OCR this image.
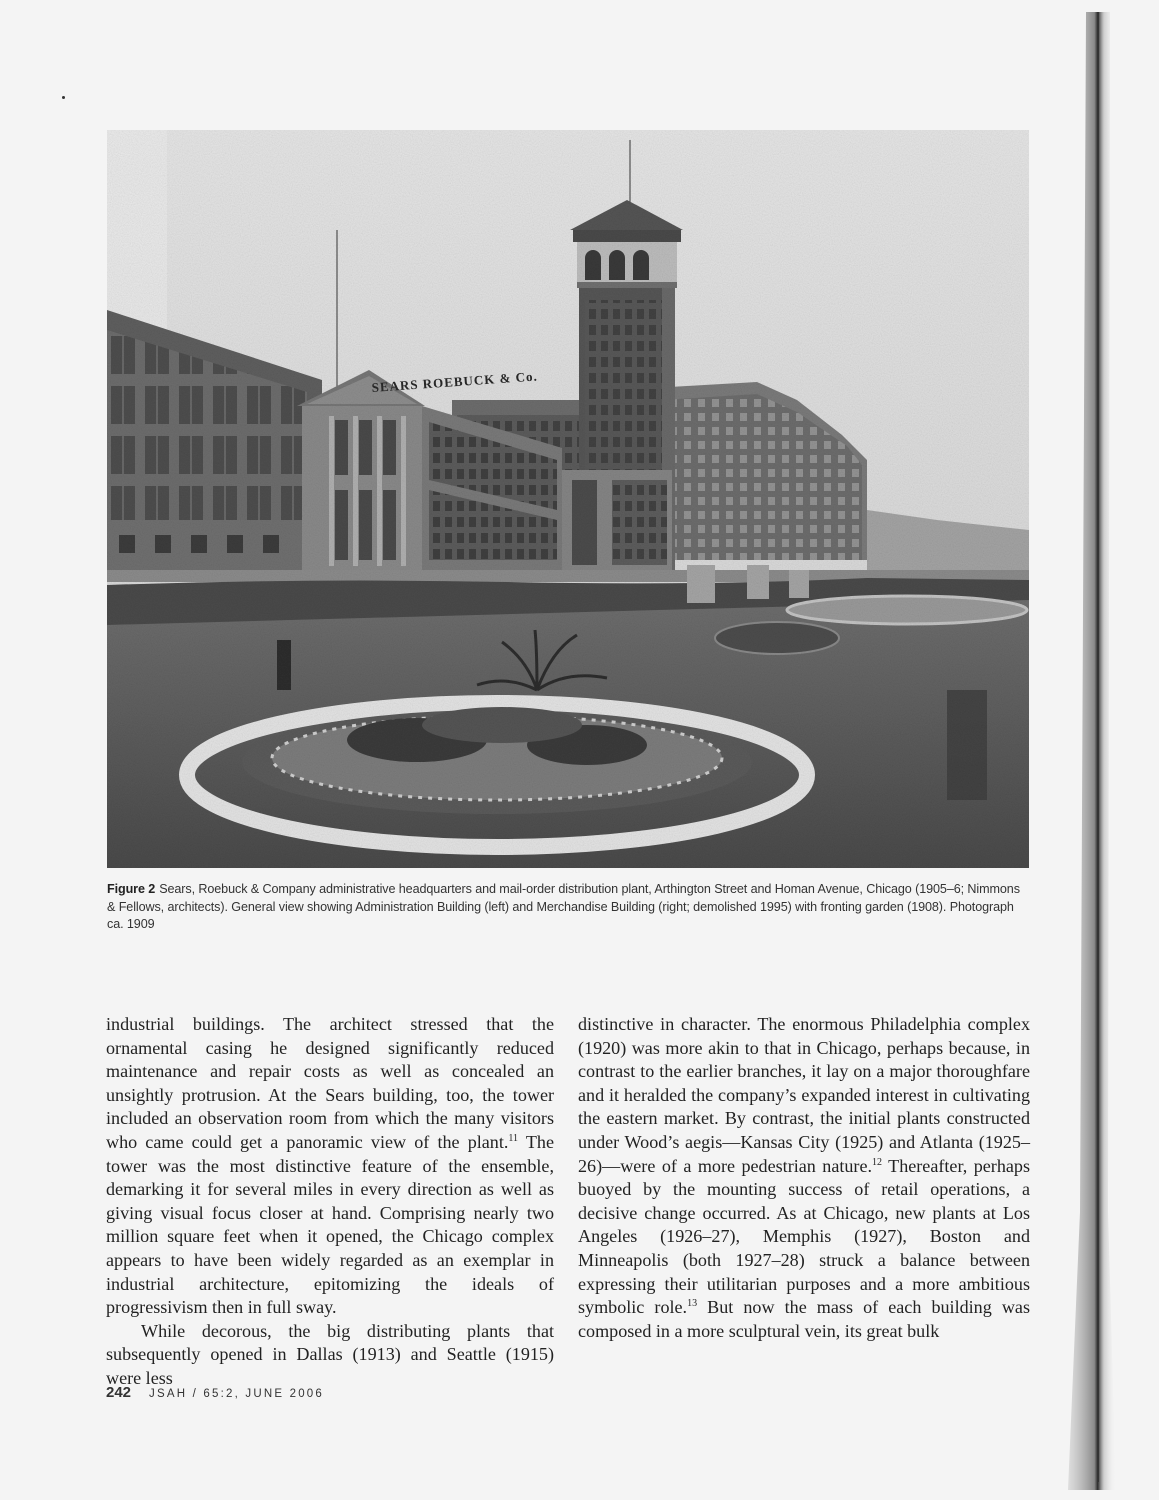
SEARS ROEBUCK & Co.
Figure 2 Sears, Roebuck & Company administrative headquarters and mail-order distribution plant, Arthington Street and Homan Avenue, Chicago (1905–6; Nimmons & Fellows, architects). General view showing Administration Building (left) and Merchandise Building (right; demolished 1995) with fronting garden (1908). Photograph ca. 1909

industrial buildings. The architect stressed that the ornamental casing he designed significantly reduced maintenance and repair costs as well as concealed an unsightly protrusion. At the Sears building, too, the tower included an observation room from which the many visitors who came could get a panoramic view of the plant.$^{11}$ The tower was the most distinctive feature of the ensemble, demarking it for several miles in every direction as well as giving visual focus closer at hand. Comprising nearly two million square feet when it opened, the Chicago complex appears to have been widely regarded as an exemplar in industrial architecture, epitomizing the ideals of progressivism then in full sway.

While decorous, the big distributing plants that subsequently opened in Dallas (1913) and Seattle (1915) were less

distinctive in character. The enormous Philadelphia complex (1920) was more akin to that in Chicago, perhaps because, in contrast to the earlier branches, it lay on a major thoroughfare and it heralded the company’s expanded interest in cultivating the eastern market. By contrast, the initial plants constructed under Wood’s aegis—Kansas City (1925) and Atlanta (1925–26)—were of a more pedestrian nature.$^{12}$ Thereafter, perhaps buoyed by the mounting success of retail operations, a decisive change occurred. As at Chicago, new plants at Los Angeles (1926–27), Memphis (1927), Boston and Minneapolis (both 1927–28) struck a balance between expressing their utilitarian purposes and a more ambitious symbolic role.$^{13}$ But now the mass of each building was composed in a more sculptural vein, its great bulk

242 JSAH / 65:2, JUNE 2006
